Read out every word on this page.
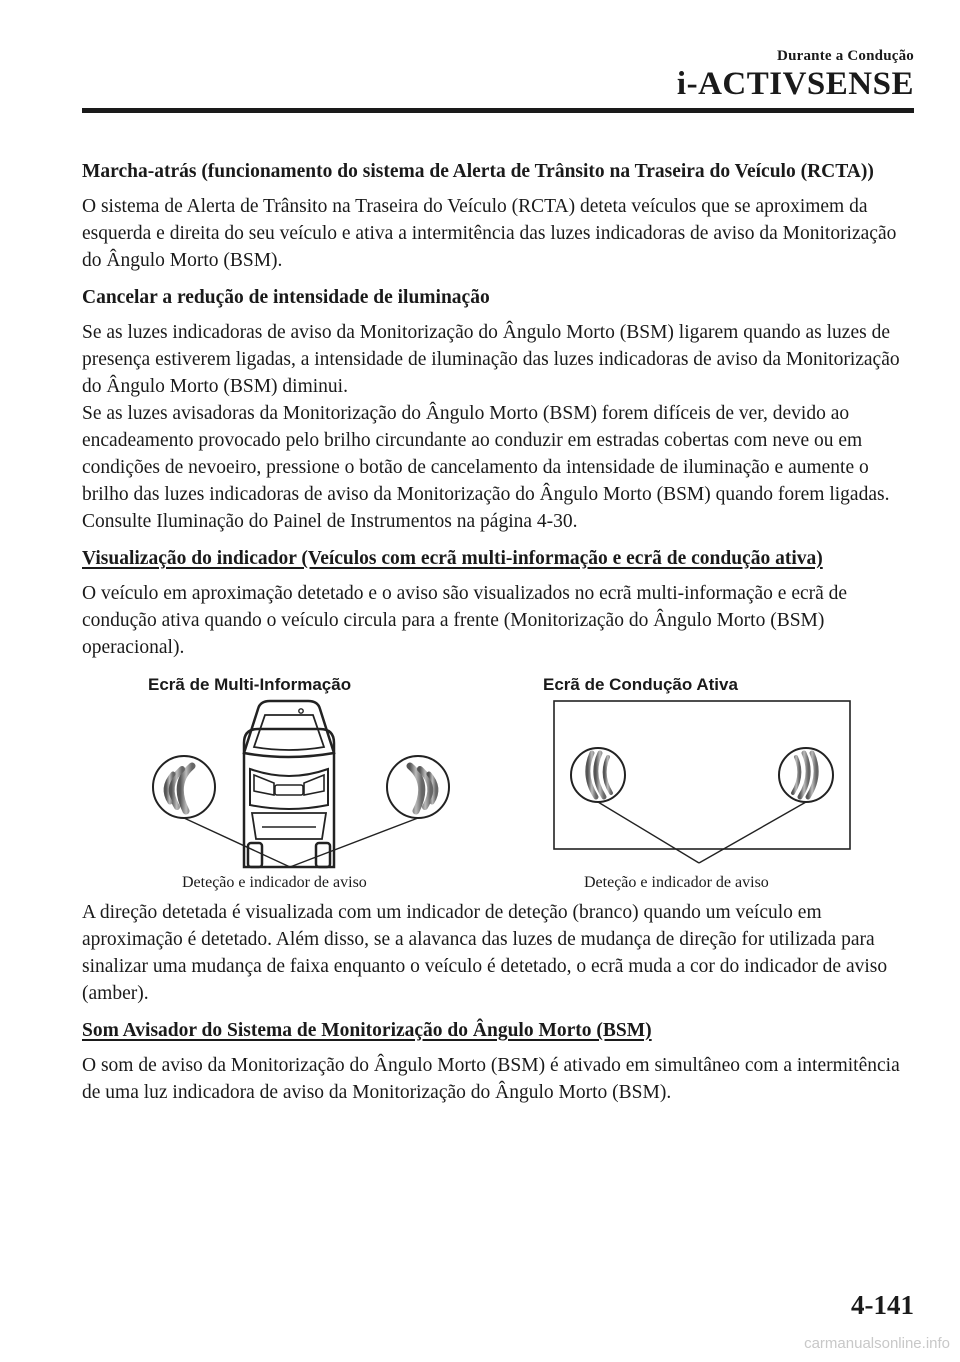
Durante a Condução
i-ACTIVSENSE
Marcha-atrás (funcionamento do sistema de Alerta de Trânsito na Traseira do Veículo (RCTA))

O sistema de Alerta de Trânsito na Traseira do Veículo (RCTA) deteta veículos que se aproximem da esquerda e direita do seu veículo e ativa a intermitência das luzes indicadoras de aviso da Monitorização do Ângulo Morto (BSM).

Cancelar a redução de intensidade de iluminação

Se as luzes indicadoras de aviso da Monitorização do Ângulo Morto (BSM) ligarem quando as luzes de presença estiverem ligadas, a intensidade de iluminação das luzes indicadoras de aviso da Monitorização do Ângulo Morto (BSM) diminui.

Se as luzes avisadoras da Monitorização do Ângulo Morto (BSM) forem difíceis de ver, devido ao encadeamento provocado pelo brilho circundante ao conduzir em estradas cobertas com neve ou em condições de nevoeiro, pressione o botão de cancelamento da intensidade de iluminação e aumente o brilho das luzes indicadoras de aviso da Monitorização do Ângulo Morto (BSM) quando forem ligadas.

Consulte Iluminação do Painel de Instrumentos na página 4-30.

Visualização do indicador (Veículos com ecrã multi-informação e ecrã de condução ativa)

O veículo em aproximação detetado e o aviso são visualizados no ecrã multi-informação e ecrã de condução ativa quando o veículo circula para a frente (Monitorização do Ângulo Morto (BSM) operacional).

Ecrã de Multi-Informação	Ecrã de Condução Ativa
Deteção e indicador de aviso	Deteção e indicador de aviso

A direção detetada é visualizada com um indicador de deteção (branco) quando um veículo em aproximação é detetado. Além disso, se a alavanca das luzes de mudança de direção for utilizada para sinalizar uma mudança de faixa enquanto o veículo é detetado, o ecrã muda a cor do indicador de aviso (amber).

Som Avisador do Sistema de Monitorização do Ângulo Morto (BSM)

O som de aviso da Monitorização do Ângulo Morto (BSM) é ativado em simultâneo com a intermitência de uma luz indicadora de aviso da Monitorização do Ângulo Morto (BSM).

4-141
carmanualsonline.info
